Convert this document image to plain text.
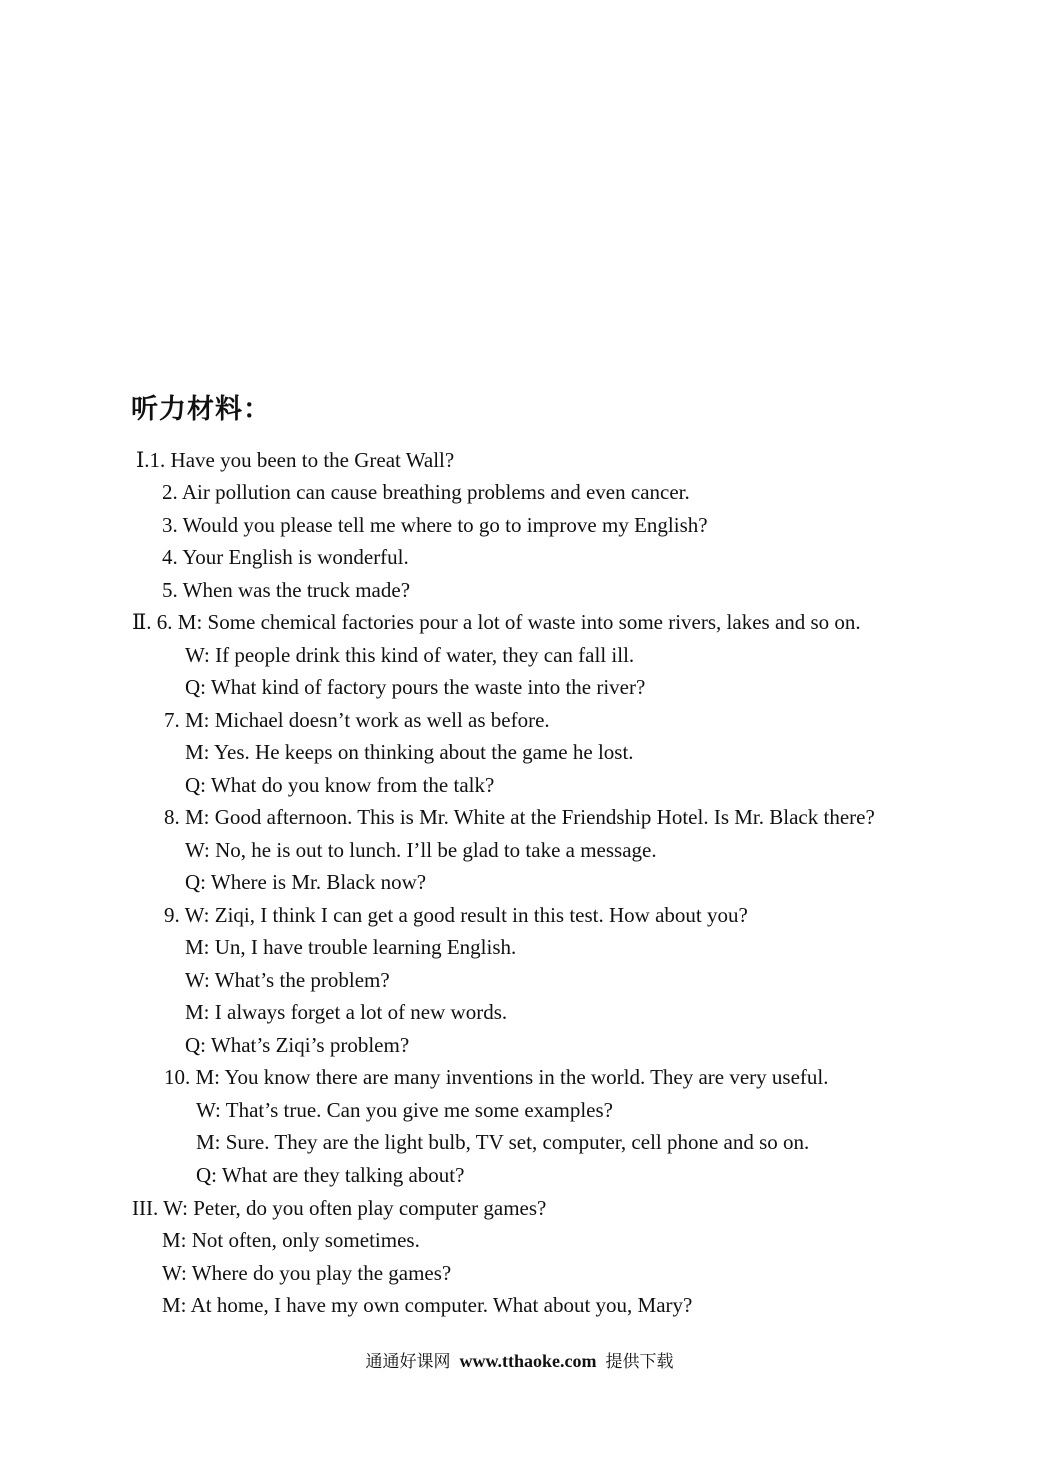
听力材料：
Ⅰ.1. Have you been to the Great Wall?
2. Air pollution can cause breathing problems and even cancer.
3. Would you please tell me where to go to improve my English?
4. Your English is wonderful.
5. When was the truck made?
Ⅱ. 6. M: Some chemical factories pour a lot of waste into some rivers, lakes and so on.
W: If people drink this kind of water, they can fall ill.
Q: What kind of factory pours the waste into the river?
7. M: Michael doesn’t work as well as before.
M: Yes. He keeps on thinking about the game he lost.
Q: What do you know from the talk?
8. M: Good afternoon. This is Mr. White at the Friendship Hotel. Is Mr. Black there?
W: No, he is out to lunch. I’ll be glad to take a message.
Q: Where is Mr. Black now?
9. W: Ziqi, I think I can get a good result in this test. How about you?
M: Un, I have trouble learning English.
W: What’s the problem?
M: I always forget a lot of new words.
Q: What’s Ziqi’s problem?
10. M: You know there are many inventions in the world. They are very useful.
W: That’s true. Can you give me some examples?
M: Sure. They are the light bulb, TV set, computer, cell phone and so on.
Q: What are they talking about?
III. W: Peter, do you often play computer games?
M: Not often, only sometimes.
W: Where do you play the games?
M: At home, I have my own computer. What about you, Mary?
通通好课网 www.tthaoke.com 提供下载
